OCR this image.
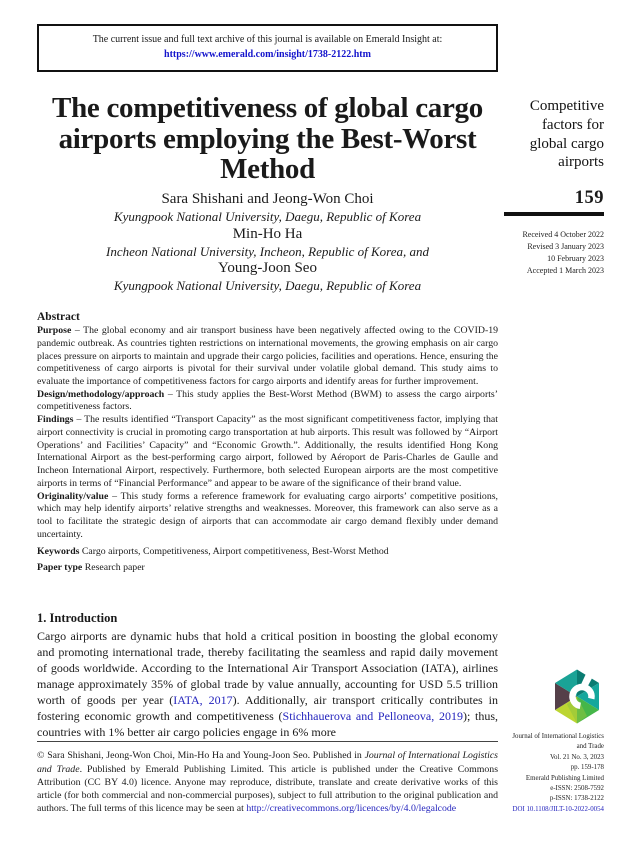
The current issue and full text archive of this journal is available on Emerald Insight at:
https://www.emerald.com/insight/1738-2122.htm
The competitiveness of global cargo airports employing the Best-Worst Method
Sara Shishani and Jeong-Won Choi
Kyungpook National University, Daegu, Republic of Korea
Min-Ho Ha
Incheon National University, Incheon, Republic of Korea, and
Young-Joon Seo
Kyungpook National University, Daegu, Republic of Korea
Abstract

Purpose – The global economy and air transport business have been negatively affected owing to the COVID-19 pandemic outbreak. As countries tighten restrictions on international movements, the growing emphasis on air cargo places pressure on airports to maintain and upgrade their cargo policies, facilities and operations. Hence, ensuring the competitiveness of cargo airports is pivotal for their survival under volatile global demand. This study aims to evaluate the importance of competitiveness factors for cargo airports and identify areas for further improvement.

Design/methodology/approach – This study applies the Best-Worst Method (BWM) to assess the cargo airports’ competitiveness factors.

Findings – The results identified “Transport Capacity” as the most significant competitiveness factor, implying that airport connectivity is crucial in promoting cargo transportation at hub airports. This result was followed by “Airport Operations’ and Facilities’ Capacity” and “Economic Growth.”. Additionally, the results identified Hong Kong International Airport as the best-performing cargo airport, followed by Aéroport de Paris-Charles de Gaulle and Incheon International Airport, respectively. Furthermore, both selected European airports are the most competitive airports in terms of “Financial Performance” and appear to be aware of the significance of their brand value.

Originality/value – This study forms a reference framework for evaluating cargo airports’ competitive positions, which may help identify airports’ relative strengths and weaknesses. Moreover, this framework can also serve as a tool to facilitate the strategic design of airports that can accommodate air cargo demand flexibly under demand uncertainty.

Keywords Cargo airports, Competitiveness, Airport competitiveness, Best-Worst Method
Paper type Research paper
1. Introduction

Cargo airports are dynamic hubs that hold a critical position in boosting the global economy and promoting international trade, thereby facilitating the seamless and rapid daily movement of goods worldwide. According to the International Air Transport Association (IATA), airlines manage approximately 35% of global trade by value annually, accounting for USD 5.5 trillion worth of goods per year (IATA, 2017). Additionally, air transport critically contributes in fostering economic growth and competitiveness (Stichhauerova and Pelloneova, 2019); thus, countries with 1% better air cargo policies engage in 6% more

© Sara Shishani, Jeong-Won Choi, Min-Ho Ha and Young-Joon Seo. Published in Journal of International Logistics and Trade. Published by Emerald Publishing Limited. This article is published under the Creative Commons Attribution (CC BY 4.0) licence. Anyone may reproduce, distribute, translate and create derivative works of this article (for both commercial and non-commercial purposes), subject to full attribution to the original publication and authors. The full terms of this licence may be seen at http://creativecommons.org/licences/by/4.0/legalcode
Competitive factors for global cargo airports
159
Received 4 October 2022
Revised 3 January 2023
10 February 2023
Accepted 1 March 2023
Journal of International Logistics and Trade
Vol. 21 No. 3, 2023
pp. 159-178
Emerald Publishing Limited
e-ISSN: 2508-7592
p-ISSN: 1738-2122
DOI 10.1108/JILT-10-2022-0054
